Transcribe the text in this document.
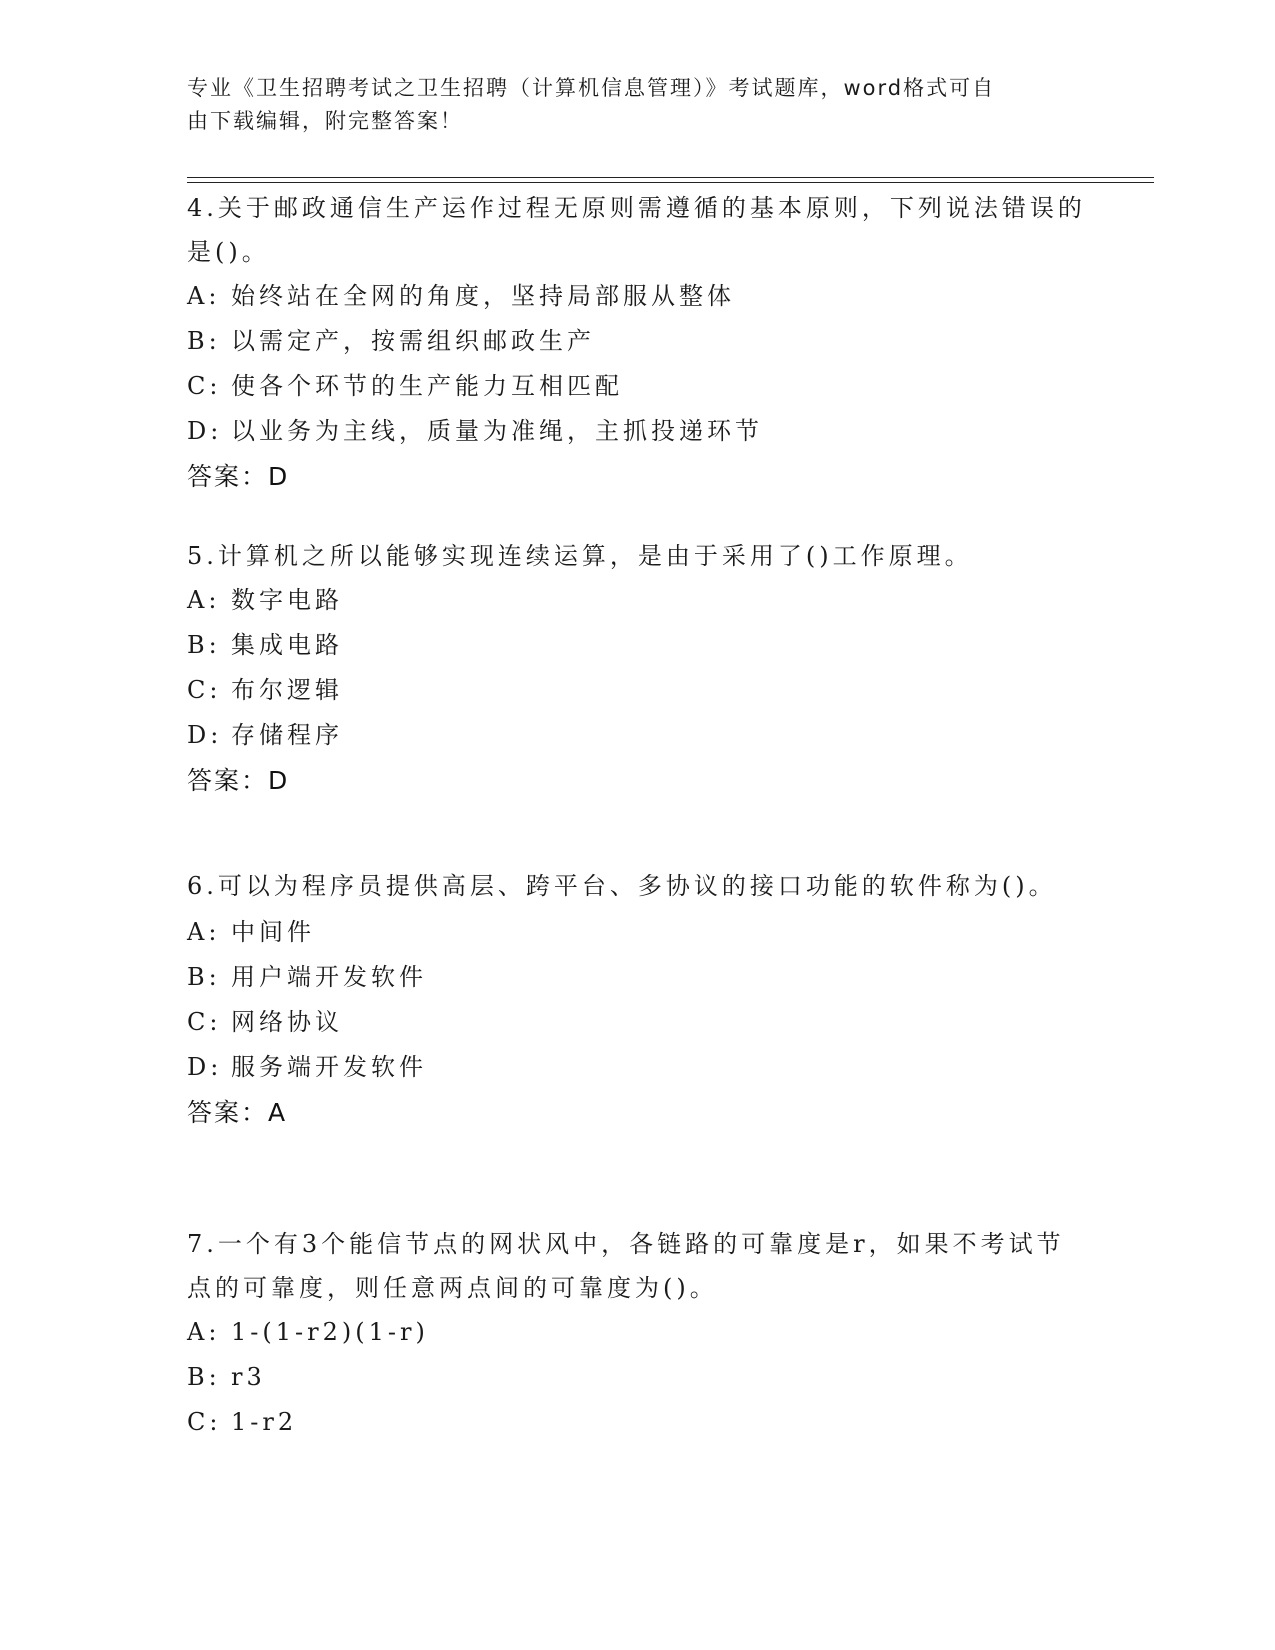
专业《卫生招聘考试之卫生招聘（计算机信息管理）》考试题库，word格式可自
由下载编辑，附完整答案！

4.关于邮政通信生产运作过程无原则需遵循的基本原则，下列说法错误的是()。

A: 始终站在全网的角度，坚持局部服从整体
B: 以需定产，按需组织邮政生产
C: 使各个环节的生产能力互相匹配
D: 以业务为主线，质量为准绳，主抓投递环节
答案：D

5.计算机之所以能够实现连续运算，是由于采用了()工作原理。

A: 数字电路
B: 集成电路
C: 布尔逻辑
D: 存储程序
答案：D

6.可以为程序员提供高层、跨平台、多协议的接口功能的软件称为()。

A: 中间件
B: 用户端开发软件
C: 网络协议
D: 服务端开发软件
答案：A

7.一个有3个能信节点的网状风中，各链路的可靠度是r，如果不考试节点的可靠度，则任意两点间的可靠度为()。

A: 1-(1-r2)(1-r)
B: r3
C: 1-r2
